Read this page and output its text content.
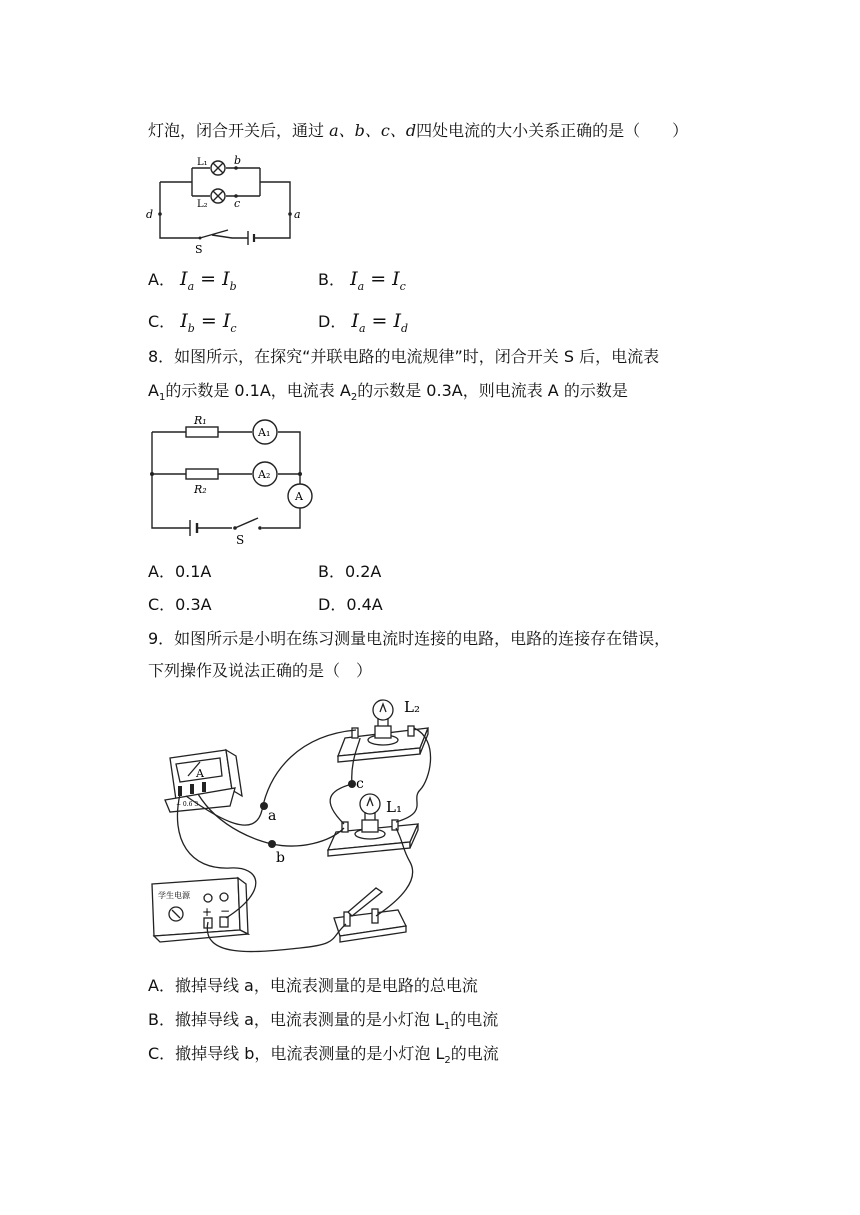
灯泡，闭合开关后，通过 a、b、c、d四处电流的大小关系正确的是（　　）
L₁
L₂
b
c
d	a
S
A． $I_a = I_b$	B． $I_a = I_c$
C． $I_b = I_c$	D． $I_a = I_d$
8．如图所示，在探究“并联电路的电流规律”时，闭合开关 S 后，电流表
$A_1$的示数是 0.1A，电流表 $A_2$的示数是 0.3A，则电流表 A 的示数是
R₁
R₂
A₁
A₂
A
S
A．0.1A	B．0.2A
C．0.3A	D．0.4A
9．如图所示是小明在练习测量电流时连接的电路，电路的连接存在错误，
下列操作及说法正确的是（　）
L₂
L₁
c
a
b
A
− 0.6 3
学生电源
+ −
A．撤掉导线 a，电流表测量的是电路的总电流
B．撤掉导线 a，电流表测量的是小灯泡 $L_1$的电流
C．撤掉导线 b，电流表测量的是小灯泡 $L_2$的电流
